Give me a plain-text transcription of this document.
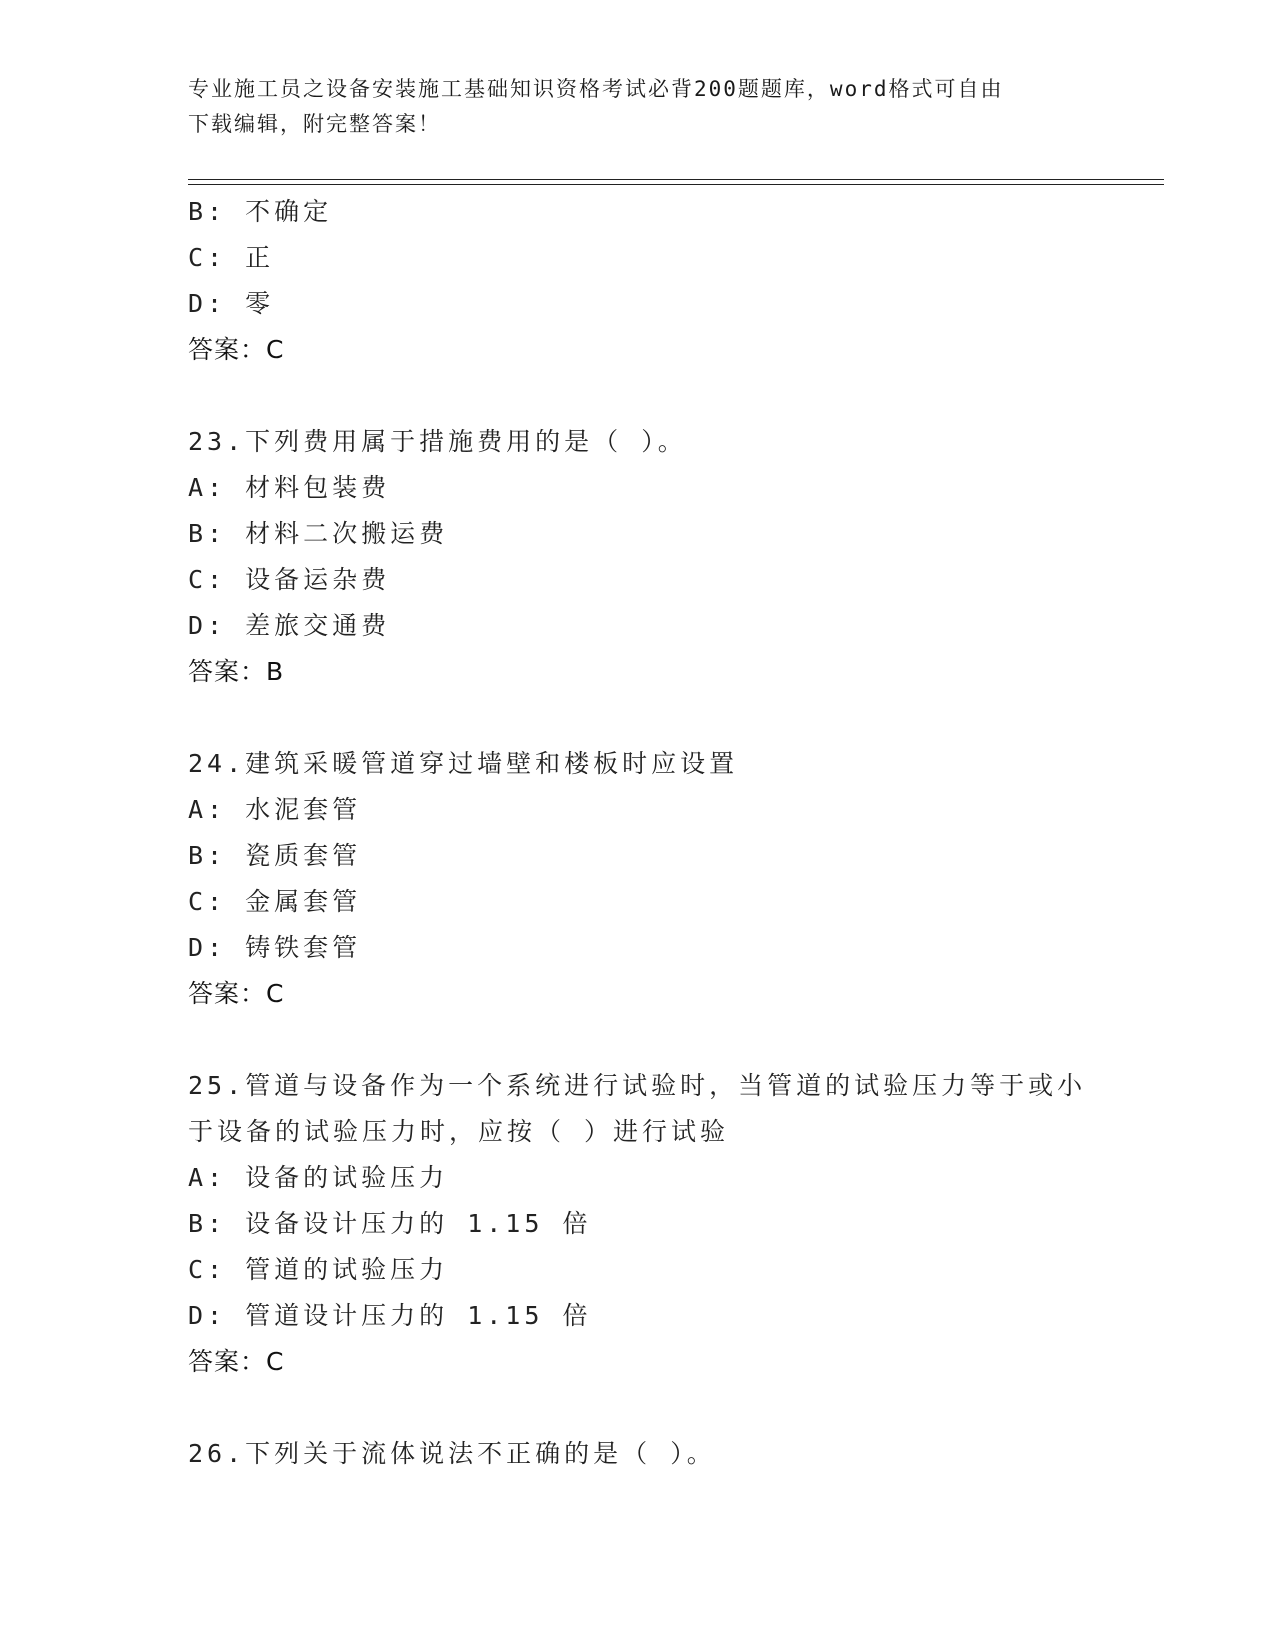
专业施工员之设备安装施工基础知识资格考试必背200题题库，word格式可自由
下载编辑，附完整答案！
B: 不确定
C: 正
D: 零
答案：C
23.下列费用属于措施费用的是（ ）。
A: 材料包装费
B: 材料二次搬运费
C: 设备运杂费
D: 差旅交通费
答案：B
24.建筑采暖管道穿过墙壁和楼板时应设置
A: 水泥套管
B: 瓷质套管
C: 金属套管
D: 铸铁套管
答案：C
25.管道与设备作为一个系统进行试验时，当管道的试验压力等于或小
于设备的试验压力时，应按（ ）进行试验
A: 设备的试验压力
B: 设备设计压力的 1.15 倍
C: 管道的试验压力
D: 管道设计压力的 1.15 倍
答案：C
26.下列关于流体说法不正确的是（ ）。
